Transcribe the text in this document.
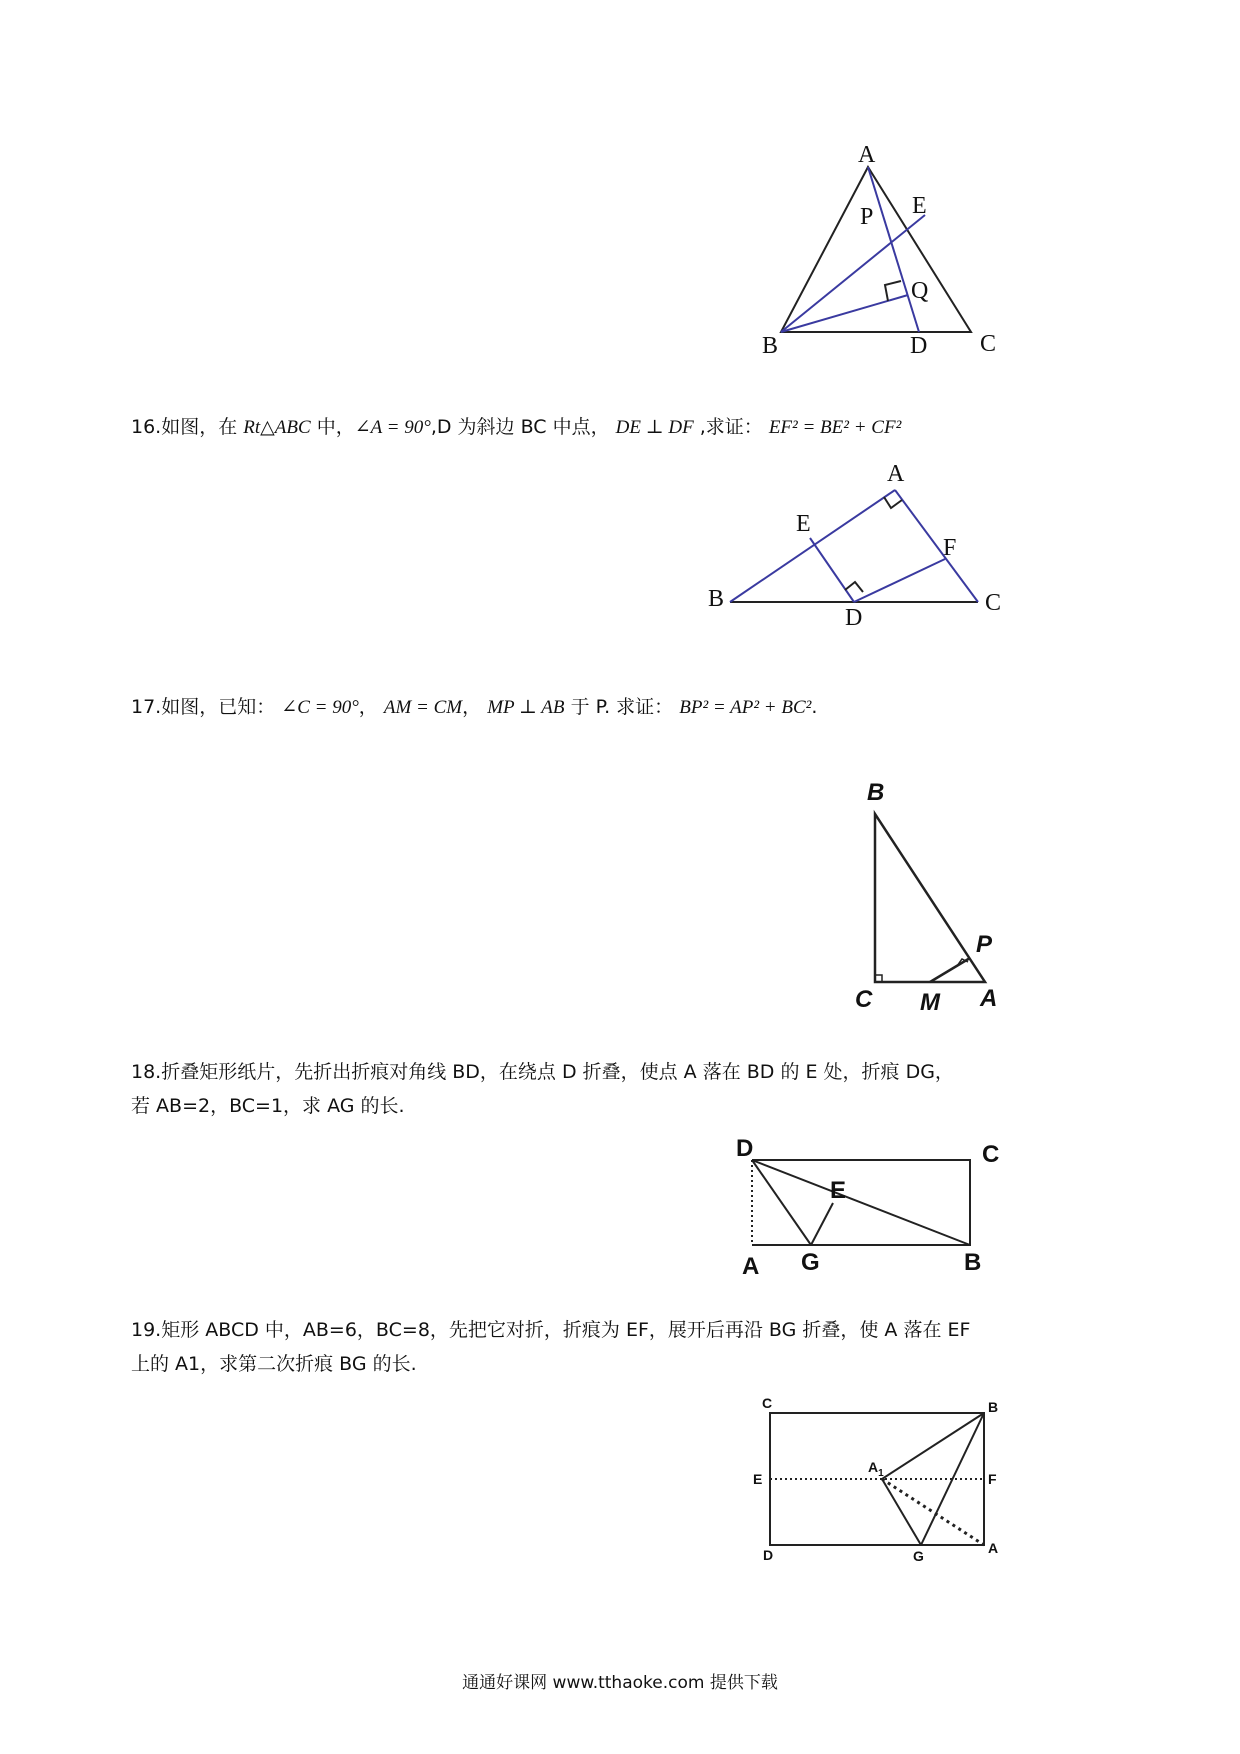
A
B	C
D
E
P
Q
16.如图，在 Rt△ABC 中，∠A = 90°,D 为斜边 BC 中点， DE ⊥ DF ,求证： EF² = BE² + CF²
A
B	C
D
E
F
17.如图，已知： ∠C = 90°， AM = CM， MP ⊥ AB 于 P. 求证： BP² = AP² + BC².
B
C M A
P
18.折叠矩形纸片，先折出折痕对角线 BD，在绕点 D 折叠，使点 A 落在 BD 的 E 处，折痕 DG，
若 AB=2，BC=1，求 AG 的长.
D	C
E
A G	B
19.矩形 ABCD 中，AB=6，BC=8，先把它对折，折痕为 EF，展开后再沿 BG 折叠，使 A 落在 EF
上的 A1，求第二次折痕 BG 的长.
C	B
E	F
$A_1$
D	G	A
通通好课网 www.tthaoke.com 提供下载
